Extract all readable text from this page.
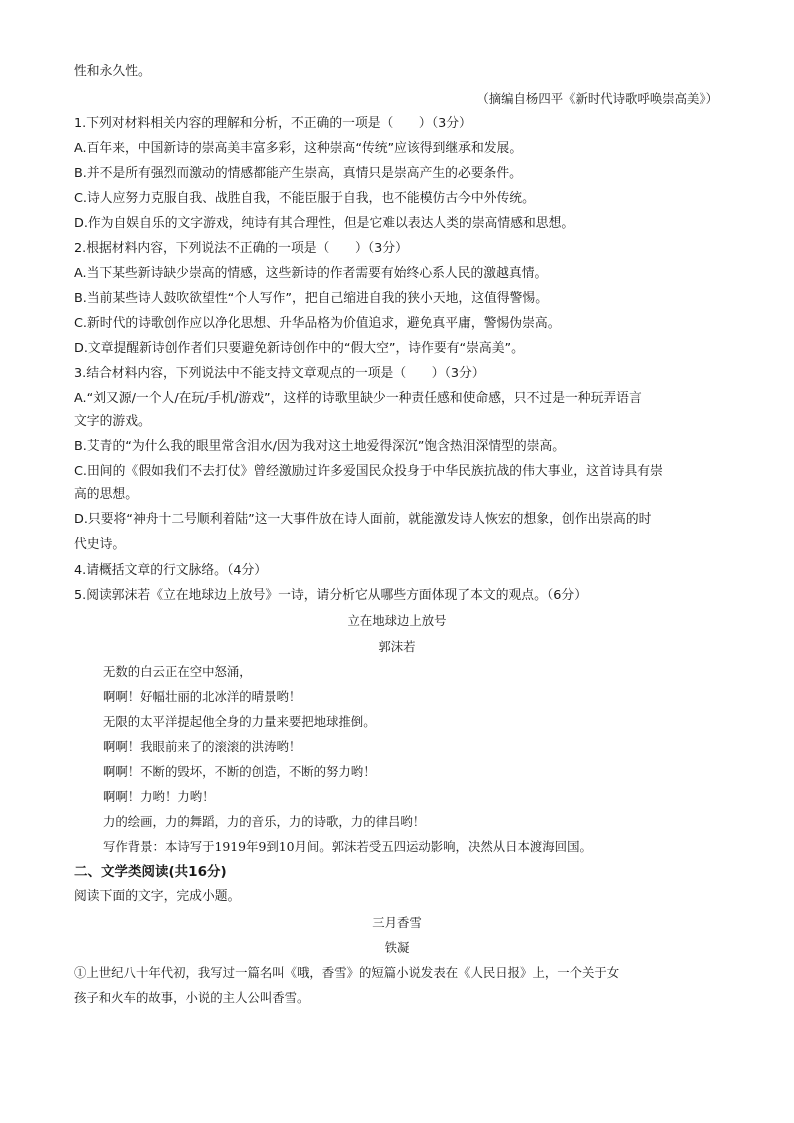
性和永久性。
（摘编自杨四平《新时代诗歌呼唤崇高美》）
1.下列对材料相关内容的理解和分析，不正确的一项是（　　）（3分）
A.百年来，中国新诗的崇高美丰富多彩，这种崇高“传统”应该得到继承和发展。
B.并不是所有强烈而激动的情感都能产生崇高，真情只是崇高产生的必要条件。
C.诗人应努力克服自我、战胜自我，不能臣服于自我，也不能模仿古今中外传统。
D.作为自娱自乐的文字游戏，纯诗有其合理性，但是它难以表达人类的崇高情感和思想。
2.根据材料内容，下列说法不正确的一项是（　　）（3分）
A.当下某些新诗缺少崇高的情感，这些新诗的作者需要有始终心系人民的激越真情。
B.当前某些诗人鼓吹欲望性“个人写作”，把自己缩进自我的狭小天地，这值得警惕。
C.新时代的诗歌创作应以净化思想、升华品格为价值追求，避免真平庸，警惕伪崇高。
D.文章提醒新诗创作者们只要避免新诗创作中的“假大空”，诗作要有“崇高美”。
3.结合材料内容，下列说法中不能支持文章观点的一项是（　　）（3分）
A.“刘又源/一个人/在玩/手机/游戏”，这样的诗歌里缺少一种责任感和使命感，只不过是一种玩弄语言
文字的游戏。
B.艾青的“为什么我的眼里常含泪水/因为我对这土地爱得深沉”饱含热泪深情型的崇高。
C.田间的《假如我们不去打仗》曾经激励过许多爱国民众投身于中华民族抗战的伟大事业，这首诗具有崇
高的思想。
D.只要将“神舟十二号顺利着陆”这一大事件放在诗人面前，就能激发诗人恢宏的想象，创作出崇高的时
代史诗。
4.请概括文章的行文脉络。（4分）
5.阅读郭沫若《立在地球边上放号》一诗，请分析它从哪些方面体现了本文的观点。（6分）
立在地球边上放号
郭沫若
无数的白云正在空中怒涌，
啊啊！好幅壮丽的北冰洋的晴景哟！
无限的太平洋提起他全身的力量来要把地球推倒。
啊啊！我眼前来了的滚滚的洪涛哟！
啊啊！不断的毁坏，不断的创造，不断的努力哟！
啊啊！力哟！力哟！
力的绘画，力的舞蹈，力的音乐，力的诗歌，力的律吕哟！
写作背景：本诗写于1919年9到10月间。郭沫若受五四运动影响，决然从日本渡海回国。
二、文学类阅读(共16分)
阅读下面的文字，完成小题。
三月香雪
铁凝
①上世纪八十年代初，我写过一篇名叫《哦，香雪》的短篇小说发表在《人民日报》上，一个关于女
孩子和火车的故事，小说的主人公叫香雪。
